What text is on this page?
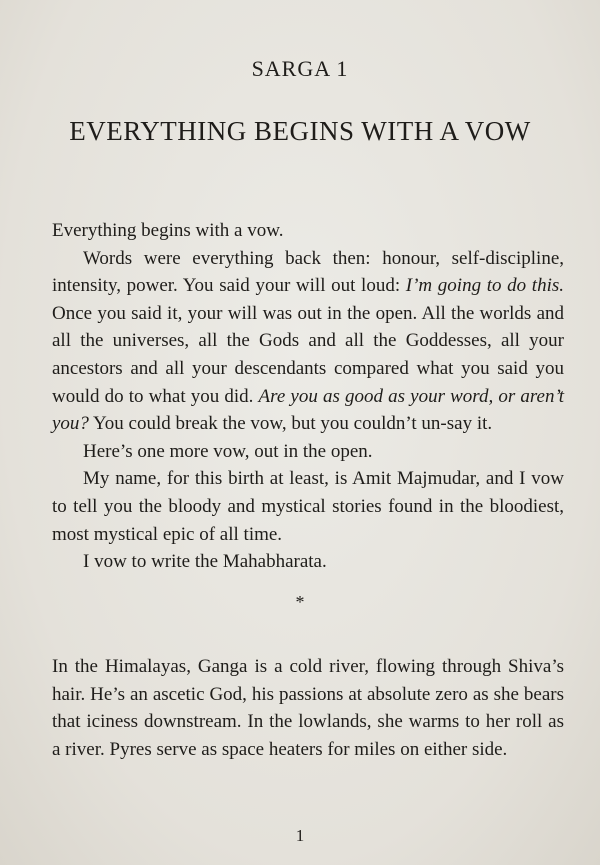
SARGA 1
EVERYTHING BEGINS WITH A VOW

Everything begins with a vow.

Words were everything back then: honour, self-discipline, intensity, power. You said your will out loud: I’m going to do this. Once you said it, your will was out in the open. All the worlds and all the universes, all the Gods and all the Goddesses, all your ancestors and all your descendants compared what you said you would do to what you did. Are you as good as your word, or aren’t you? You could break the vow, but you couldn’t un-say it.

Here’s one more vow, out in the open.

My name, for this birth at least, is Amit Majmudar, and I vow to tell you the bloody and mystical stories found in the bloodiest, most mystical epic of all time.

I vow to write the Mahabharata.

*

In the Himalayas, Ganga is a cold river, flowing through Shiva’s hair. He’s an ascetic God, his passions at absolute zero as she bears that iciness downstream. In the lowlands, she warms to her roll as a river. Pyres serve as space heaters for miles on either side.

1
